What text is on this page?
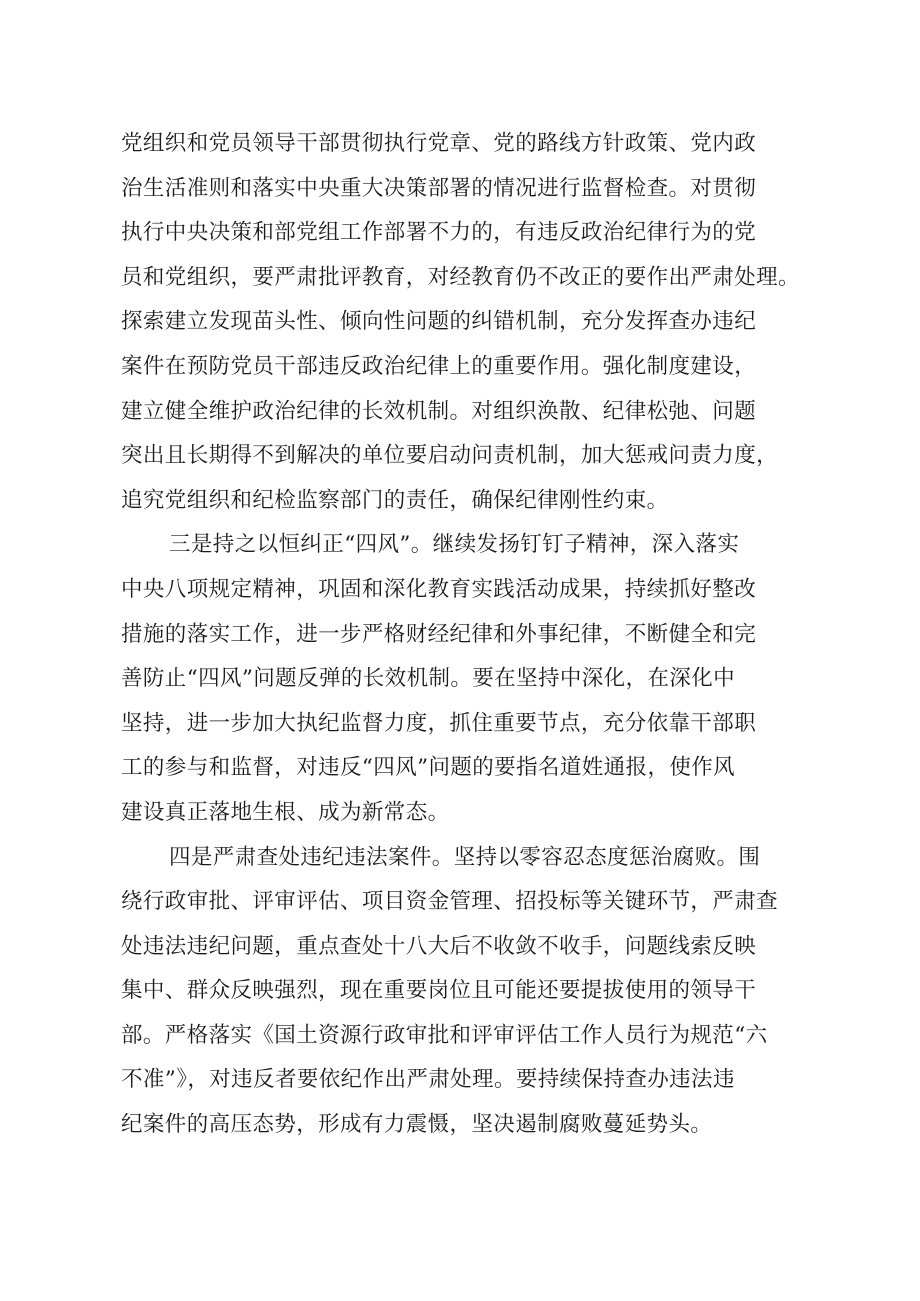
党组织和党员领导干部贯彻执行党章、党的路线方针政策、党内政
治生活准则和落实中央重大决策部署的情况进行监督检查。对贯彻
执行中央决策和部党组工作部署不力的，有违反政治纪律行为的党
员和党组织，要严肃批评教育，对经教育仍不改正的要作出严肃处理。
探索建立发现苗头性、倾向性问题的纠错机制，充分发挥查办违纪
案件在预防党员干部违反政治纪律上的重要作用。强化制度建设，
建立健全维护政治纪律的长效机制。对组织涣散、纪律松弛、问题
突出且长期得不到解决的单位要启动问责机制，加大惩戒问责力度，
追究党组织和纪检监察部门的责任，确保纪律刚性约束。
三是持之以恒纠正“四风”。继续发扬钉钉子精神，深入落实
中央八项规定精神，巩固和深化教育实践活动成果，持续抓好整改
措施的落实工作，进一步严格财经纪律和外事纪律，不断健全和完
善防止“四风”问题反弹的长效机制。要在坚持中深化，在深化中
坚持，进一步加大执纪监督力度，抓住重要节点，充分依靠干部职
工的参与和监督，对违反“四风”问题的要指名道姓通报，使作风
建设真正落地生根、成为新常态。
四是严肃查处违纪违法案件。坚持以零容忍态度惩治腐败。围
绕行政审批、评审评估、项目资金管理、招投标等关键环节，严肃查
处违法违纪问题，重点查处十八大后不收敛不收手，问题线索反映
集中、群众反映强烈，现在重要岗位且可能还要提拔使用的领导干
部。严格落实《国土资源行政审批和评审评估工作人员行为规范“六
不准”》，对违反者要依纪作出严肃处理。要持续保持查办违法违
纪案件的高压态势，形成有力震慑，坚决遏制腐败蔓延势头。
